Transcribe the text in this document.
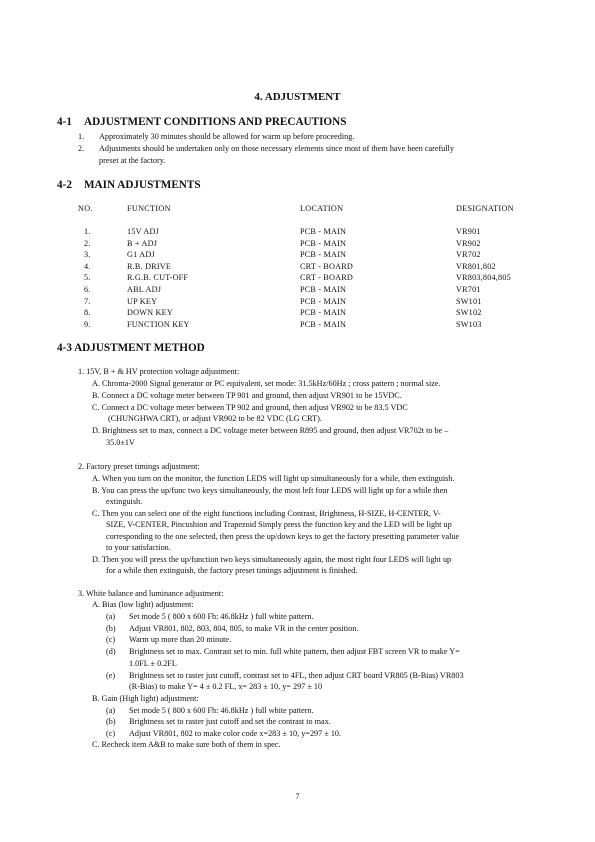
4. ADJUSTMENT
4-1 ADJUSTMENT CONDITIONS AND PRECAUTIONS
1. Approximately 30 minutes should be allowed for warm up before proceeding.
2. Adjustments should be undertaken only on those necessary elements since most of them have been carefully
preset at the factory.
4-2 MAIN ADJUSTMENTS
NO.	FUNCTION	LOCATION	DESIGNATION
1.	15V ADJ	PCB - MAIN	VR901
2.	B + ADJ	PCB - MAIN	VR902
3.	G1 ADJ	PCB - MAIN	VR702
4.	R.B. DRIVE	CRT - BOARD	VR801,802
5.	R.G.B. CUT-OFF	CRT - BOARD	VR803,804,805
6.	ABL ADJ	PCB - MAIN	VR701
7.	UP KEY	PCB - MAIN	SW101
8.	DOWN KEY	PCB - MAIN	SW102
9.	FUNCTION KEY	PCB - MAIN	SW103
4-3 ADJUSTMENT METHOD
1. 15V, B + & HV protection voltage adjustment:
A. Chroma-2000 Signal generator or PC equivalent, set mode: 31.5kHz/60Hz ; cross pattern ; normal size.
B. Connect a DC voltage meter between TP 901 and ground, then adjust VR901 to be 15VDC.
C. Connect a DC voltage meter between TP 902 and ground, then adjust VR902 to be 83.5 VDC
(CHUNGHWA CRT), or adjust VR902 to be 82 VDC (LG CRT).
D. Brightness set to max, connect a DC voltage meter between R895 and ground, then adjust VR702t to be –
35.0±1V
2. Factory preset timings adjustment:
A. When you turn on the monitor, the function LEDS will light up simultaneously for a while, then extinguish.
B. You can press the up/func two keys simultaneously, the most left four LEDS will light up for a while then
extinguish.
C. Then you can select one of the eight functions including Contrast, Brightness, H-SIZE, H-CENTER, V-
SIZE, V-CENTER, Pincushion and Trapezoid Simply press the function key and the LED will be light up
corresponding to the one selected, then press the up/down keys to get the factory presetting parameter value
to your satisfaction.
D. Then you will press the up/function two keys simultaneously again, the most right four LEDS will light up
for a while then extinguish, the factory preset timings adjustment is finished.
3. White balance and luminance adjustment:
A. Bias (low light) adjustment:
(a) Set mode 5 ( 800 x 600 Fh: 46.8kHz ) full white pattern.
(b) Adjust VR801, 802, 803, 804, 805, to make VR in the center position.
(c) Warm up more than 20 minute.
(d) Brightness set to max. Contrast set to min. full white pattern, then adjust FBT screen VR to make Y=
1.0FL ± 0.2FL
(e) Brightness set to raster just cutoff, contrast set to 4FL, then adjust CRT board VR805 (B-Bias) VR803
(R-Bias) to make Y= 4 ± 0.2 FL, x= 283 ± 10, y= 297 ± 10
B. Gain (High light) adjustment:
(a) Set mode 5 ( 800 x 600 Fh: 46.8kHz ) full white pattern.
(b) Brightness set to raster just cutoff and set the contrast to max.
(c) Adjust VR801, 802 to make color code x=283 ± 10, y=297 ± 10.
C. Recheck item A&B to make sure both of them in spec.
7
